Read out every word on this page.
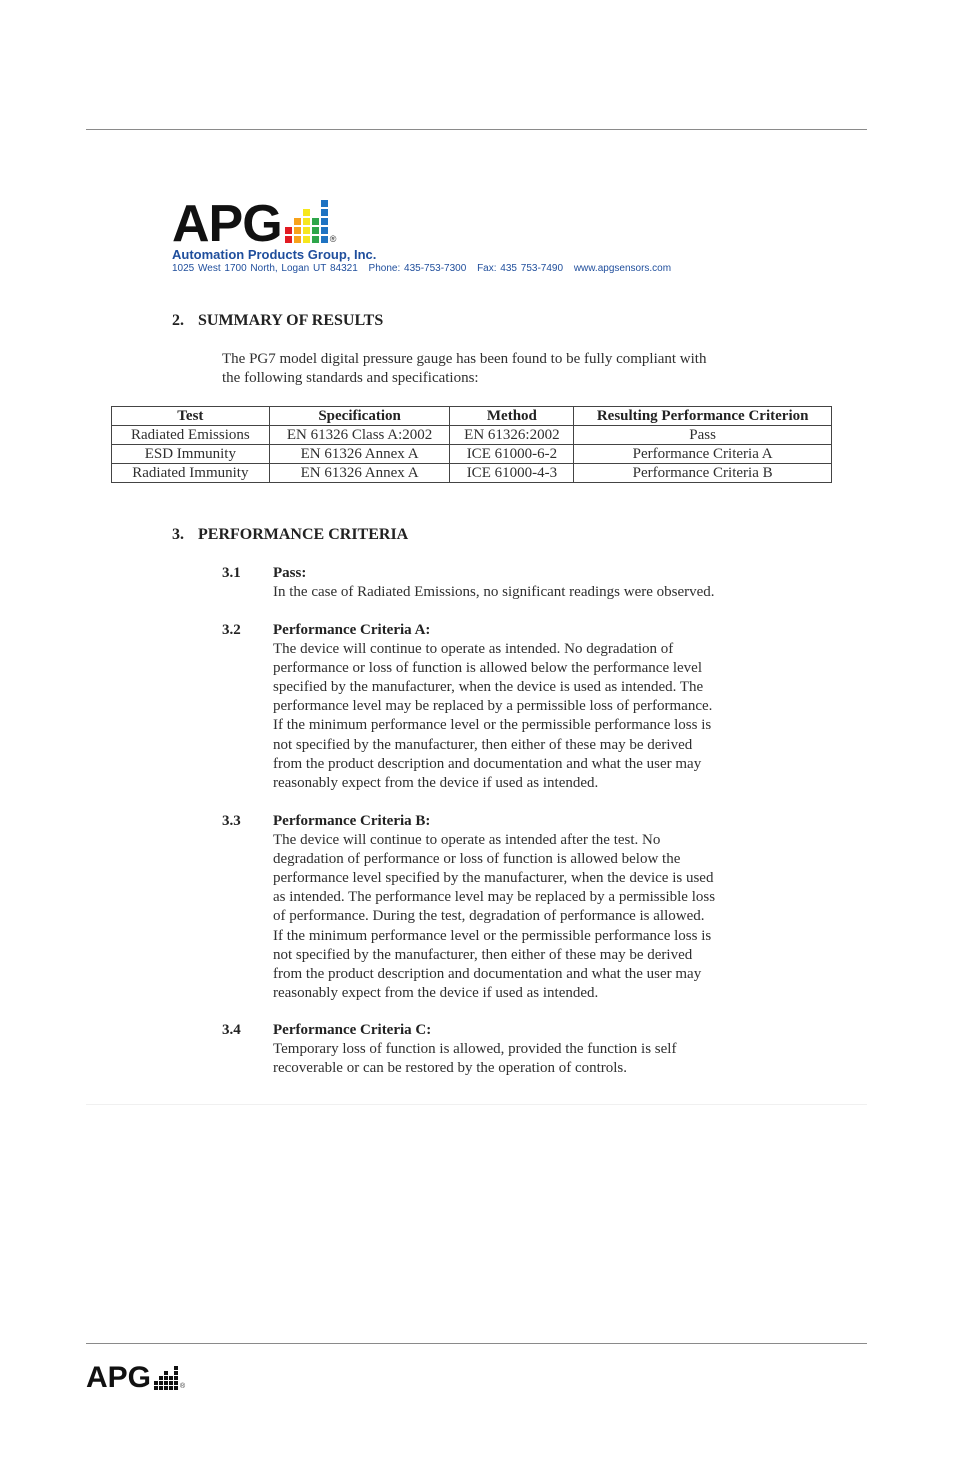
APG	®
Automation Products Group, Inc.
1025 West 1700 North, Logan UT 84321 Phone: 435-753-7300 Fax: 435 753-7490 www.apgsensors.com
2. SUMMARY OF RESULTS
The PG7 model digital pressure gauge has been found to be fully compliant with
the following standards and specifications:
Test	Specification	Method	Resulting Performance Criterion
Radiated Emissions	EN 61326 Class A:2002	EN 61326:2002	Pass
ESD Immunity	EN 61326 Annex A	ICE 61000-6-2	Performance Criteria A
Radiated Immunity	EN 61326 Annex A	ICE 61000-4-3	Performance Criteria B
3. PERFORMANCE CRITERIA
3.1 Pass:
In the case of Radiated Emissions, no significant readings were observed.
3.2 Performance Criteria A:
The device will continue to operate as intended. No degradation of
performance or loss of function is allowed below the performance level
specified by the manufacturer, when the device is used as intended. The
performance level may be replaced by a permissible loss of performance.
If the minimum performance level or the permissible performance loss is
not specified by the manufacturer, then either of these may be derived
from the product description and documentation and what the user may
reasonably expect from the device if used as intended.
3.3 Performance Criteria B:
The device will continue to operate as intended after the test. No
degradation of performance or loss of function is allowed below the
performance level specified by the manufacturer, when the device is used
as intended. The performance level may be replaced by a permissible loss
of performance. During the test, degradation of performance is allowed.
If the minimum performance level or the permissible performance loss is
not specified by the manufacturer, then either of these may be derived
from the product description and documentation and what the user may
reasonably expect from the device if used as intended.
3.4 Performance Criteria C:
Temporary loss of function is allowed, provided the function is self
recoverable or can be restored by the operation of controls.
APG	®
